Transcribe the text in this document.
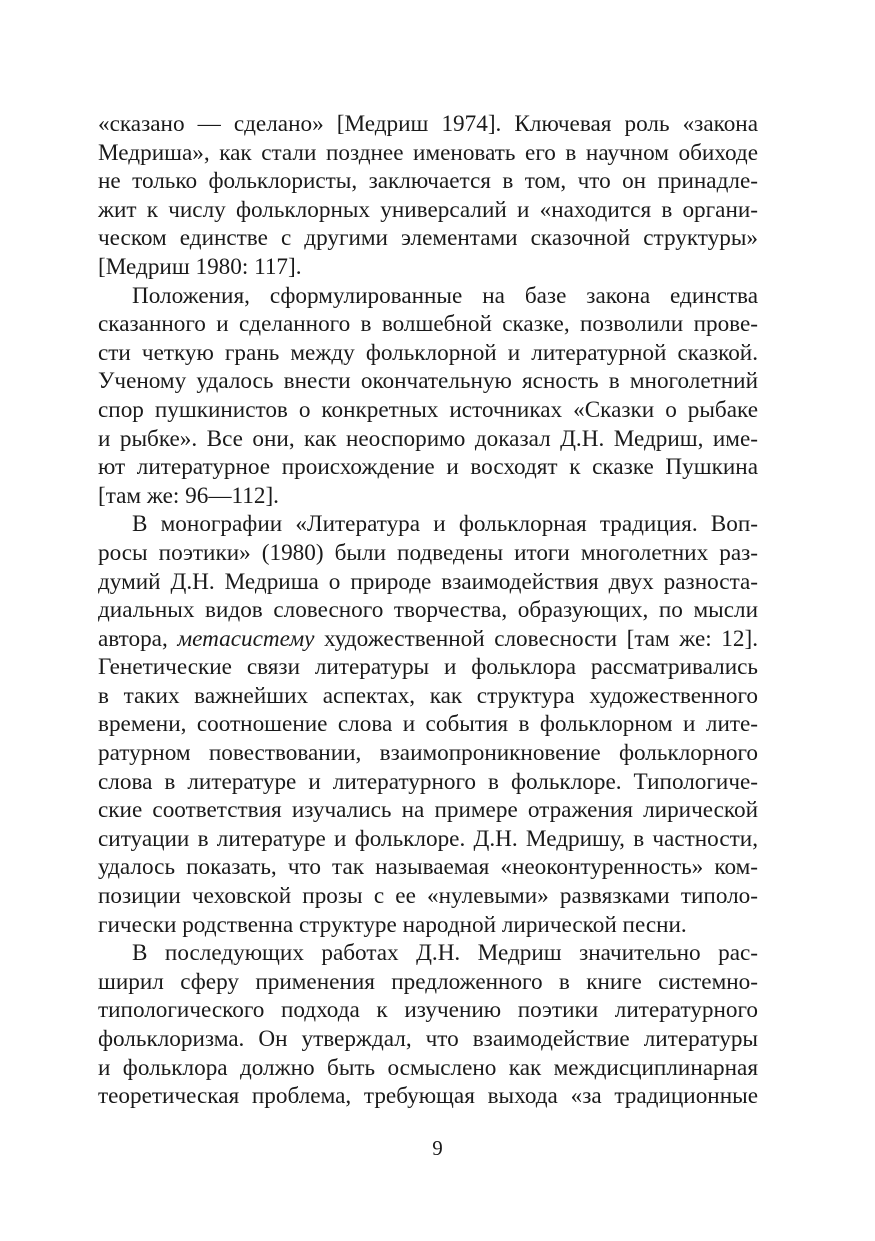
«сказано — сделано» [Медриш 1974]. Ключевая роль «закона
Медриша», как стали позднее именовать его в научном обиходе
не только фольклористы, заключается в том, что он принадле-
жит к числу фольклорных универсалий и «находится в органи-
ческом единстве с другими элементами сказочной структуры»
[Медриш 1980: 117].
Положения, сформулированные на базе закона единства
сказанного и сделанного в волшебной сказке, позволили прове-
сти четкую грань между фольклорной и литературной сказкой.
Ученому удалось внести окончательную ясность в многолетний
спор пушкинистов о конкретных источниках «Сказки о рыбаке
и рыбке». Все они, как неоспоримо доказал Д.Н. Медриш, име-
ют литературное происхождение и восходят к сказке Пушкина
[там же: 96—112].
В монографии «Литература и фольклорная традиция. Воп-
росы поэтики» (1980) были подведены итоги многолетних раз-
думий Д.Н. Медриша о природе взаимодействия двух разноста-
диальных видов словесного творчества, образующих, по мысли
автора, метасистему художественной словесности [там же: 12].
Генетические связи литературы и фольклора рассматривались
в таких важнейших аспектах, как структура художественного
времени, соотношение слова и события в фольклорном и лите-
ратурном повествовании, взаимопроникновение фольклорного
слова в литературе и литературного в фольклоре. Типологиче-
ские соответствия изучались на примере отражения лирической
ситуации в литературе и фольклоре. Д.Н. Медришу, в частности,
удалось показать, что так называемая «неоконтуренность» ком-
позиции чеховской прозы с ее «нулевыми» развязками типоло-
гически родственна структуре народной лирической песни.
В последующих работах Д.Н. Медриш значительно рас-
ширил сферу применения предложенного в книге системно-
типологического подхода к изучению поэтики литературного
фольклоризма. Он утверждал, что взаимодействие литературы
и фольклора должно быть осмыслено как междисциплинарная
теоретическая проблема, требующая выхода «за традиционные
9
